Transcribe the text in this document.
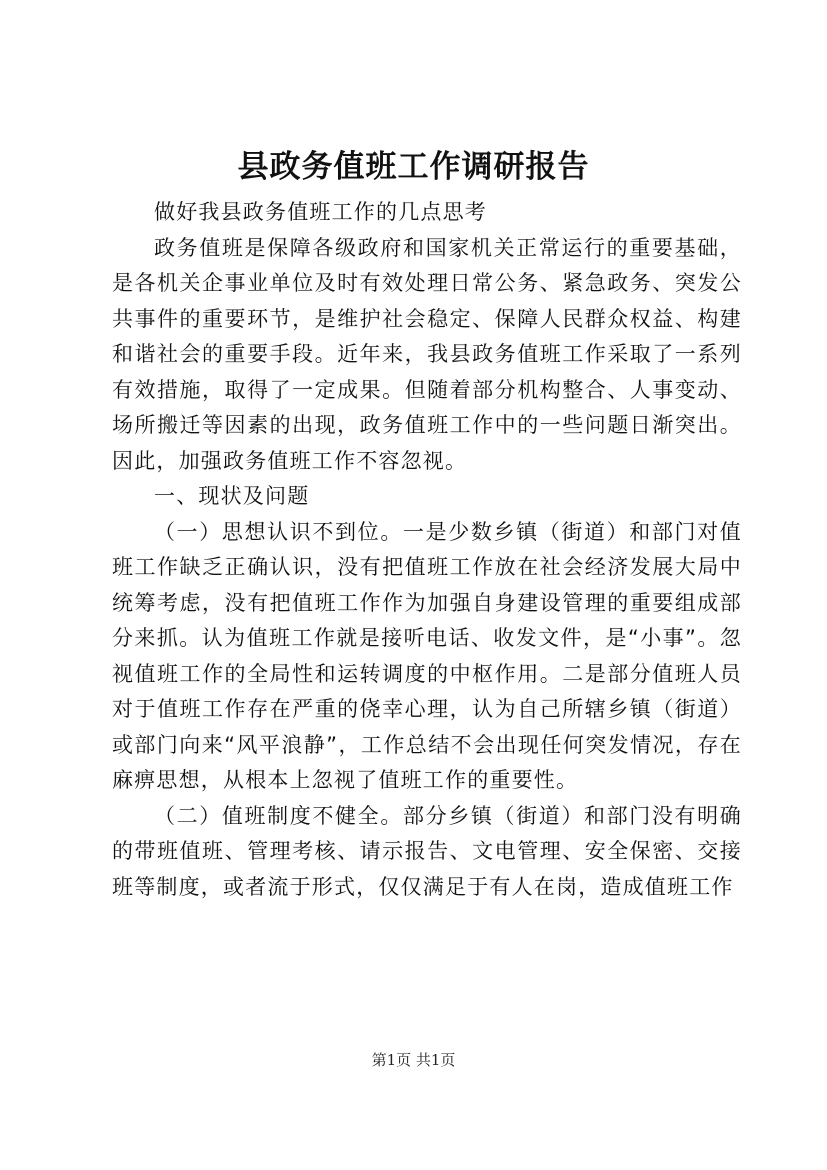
县政务值班工作调研报告

做好我县政务值班工作的几点思考

政务值班是保障各级政府和国家机关正常运行的重要基础，是各机关企事业单位及时有效处理日常公务、紧急政务、突发公共事件的重要环节，是维护社会稳定、保障人民群众权益、构建和谐社会的重要手段。近年来，我县政务值班工作采取了一系列有效措施，取得了一定成果。但随着部分机构整合、人事变动、场所搬迁等因素的出现，政务值班工作中的一些问题日渐突出。因此，加强政务值班工作不容忽视。

一、现状及问题

（一）思想认识不到位。一是少数乡镇（街道）和部门对值班工作缺乏正确认识，没有把值班工作放在社会经济发展大局中统筹考虑，没有把值班工作作为加强自身建设管理的重要组成部分来抓。认为值班工作就是接听电话、收发文件，是“小事”。忽视值班工作的全局性和运转调度的中枢作用。二是部分值班人员对于值班工作存在严重的侥幸心理，认为自己所辖乡镇（街道）或部门向来“风平浪静”，工作总结不会出现任何突发情况，存在麻痹思想，从根本上忽视了值班工作的重要性。

（二）值班制度不健全。部分乡镇（街道）和部门没有明确的带班值班、管理考核、请示报告、文电管理、安全保密、交接班等制度，或者流于形式，仅仅满足于有人在岗，造成值班工作

第1页 共1页
